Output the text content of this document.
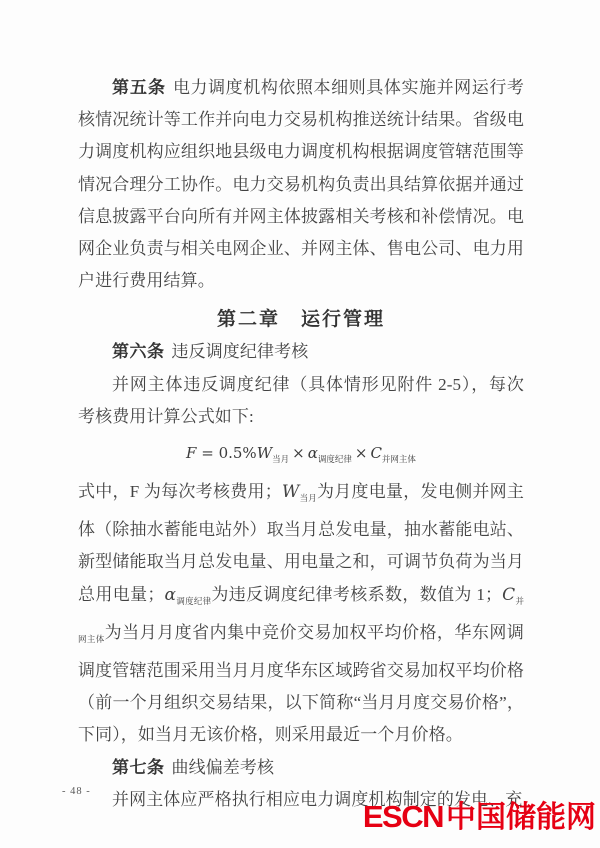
第五条 电力调度机构依照本细则具体实施并网运行考核情况统计等工作并向电力交易机构推送统计结果。省级电力调度机构应组织地县级电力调度机构根据调度管辖范围等情况合理分工协作。电力交易机构负责出具结算依据并通过信息披露平台向所有并网主体披露相关考核和补偿情况。电网企业负责与相关电网企业、并网主体、售电公司、电力用户进行费用结算。

第二章　运行管理

第六条 违反调度纪律考核

并网主体违反调度纪律（具体情形见附件 2-5），每次考核费用计算公式如下:

$F = 0.5\%W_{当月} \times \alpha_{调度纪律} \times C_{并网主体}$

式中，F 为每次考核费用；$W_{当月}$为月度电量，发电侧并网主体（除抽水蓄能电站外）取当月总发电量，抽水蓄能电站、新型储能取当月总发电量、用电量之和，可调节负荷为当月总用电量；$\alpha_{调度纪律}$为违反调度纪律考核系数，数值为 1；$C_{并网主体}$为当月月度省内集中竞价交易加权平均价格，华东网调调度管辖范围采用当月月度华东区域跨省交易加权平均价格（前一个月组织交易结果，以下简称“当月月度交易价格”，下同），如当月无该价格，则采用最近一个月价格。

第七条 曲线偏差考核

并网主体应严格执行相应电力调度机构制定的发电、充

- 48 -
ESCN 中国储能网
